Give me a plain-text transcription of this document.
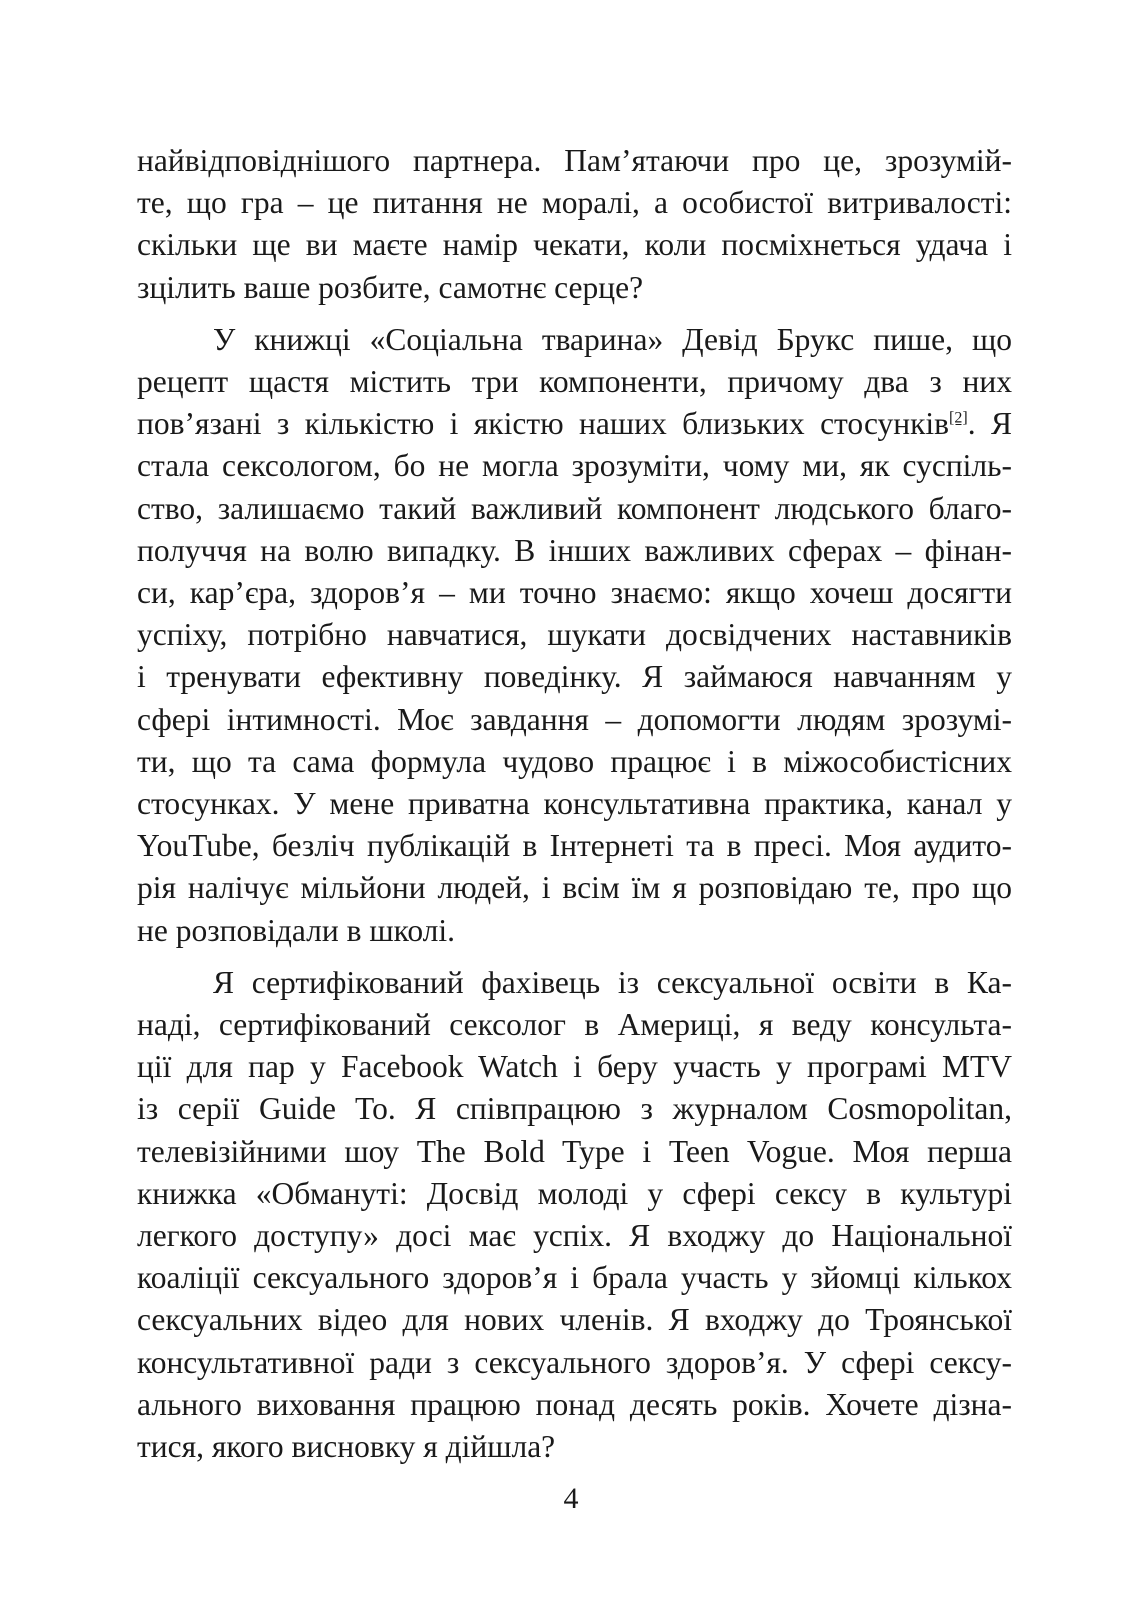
найвідповіднішого партнера. Пам’ятаючи про це, зрозумій-
те, що гра – це питання не моралі, а особистої витривалості:
скільки ще ви маєте намір чекати, коли посміхнеться удача і
зцілить ваше розбите, самотнє серце?

У книжці «Соціальна тварина» Девід Брукс пише, що
рецепт щастя містить три компоненти, причому два з них
пов’язані з кількістю і якістю наших близьких стосунків[2]. Я
стала сексологом, бо не могла зрозуміти, чому ми, як суспіль-
ство, залишаємо такий важливий компонент людського благо-
получчя на волю випадку. В інших важливих сферах – фінан-
си, кар’єра, здоров’я – ми точно знаємо: якщо хочеш досягти
успіху, потрібно навчатися, шукати досвідчених наставників
і тренувати ефективну поведінку. Я займаюся навчанням у
сфері інтимності. Моє завдання – допомогти людям зрозумі-
ти, що та сама формула чудово працює і в міжособистісних
стосунках. У мене приватна консультативна практика, канал у
YouTube, безліч публікацій в Інтернеті та в пресі. Моя аудито-
рія налічує мільйони людей, і всім їм я розповідаю те, про що
не розповідали в школі.

Я сертифікований фахівець із сексуальної освіти в Ка-
наді, сертифікований сексолог в Америці, я веду консульта-
ції для пар у Facebook Watch і беру участь у програмі MTV
із серії Guide To. Я співпрацюю з журналом Cosmopolitan,
телевізійними шоу The Bold Type і Teen Vogue. Моя перша
книжка «Обмануті: Досвід молоді у сфері сексу в культурі
легкого доступу» досі має успіх. Я входжу до Національної
коаліції сексуального здоров’я і брала участь у зйомці кількох
сексуальних відео для нових членів. Я входжу до Троянської
консультативної ради з сексуального здоров’я. У сфері сексу-
ального виховання працюю понад десять років. Хочете дізна-
тися, якого висновку я дійшла?

4
